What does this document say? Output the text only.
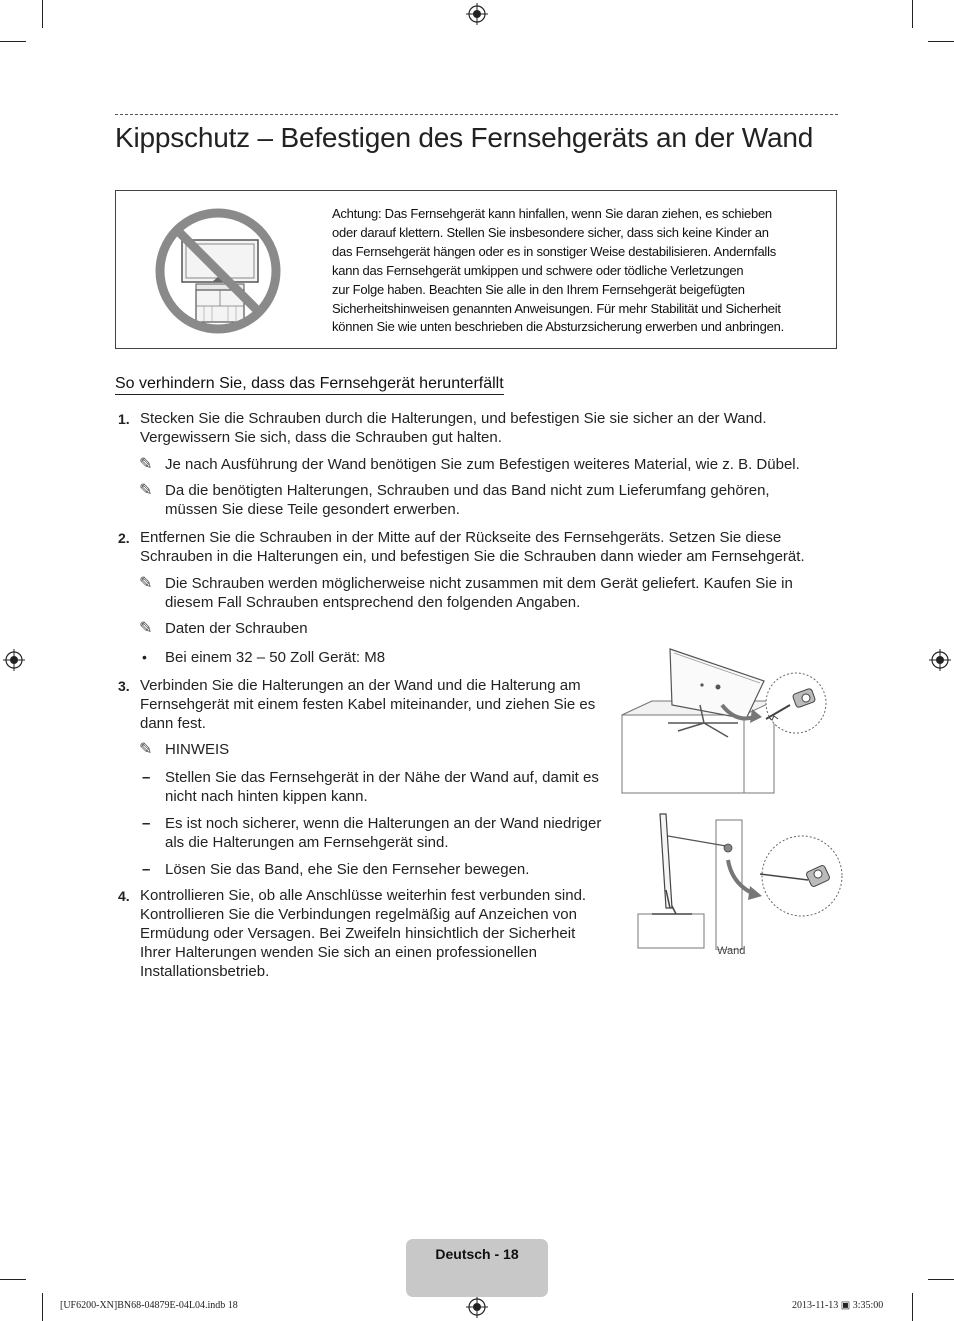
Kippschutz – Befestigen des Fernsehgeräts an der Wand
Achtung: Das Fernsehgerät kann hinfallen, wenn Sie daran ziehen, es schieben
oder darauf klettern. Stellen Sie insbesondere sicher, dass sich keine Kinder an
das Fernsehgerät hängen oder es in sonstiger Weise destabilisieren. Andernfalls
kann das Fernsehgerät umkippen und schwere oder tödliche Verletzungen
zur Folge haben. Beachten Sie alle in den Ihrem Fernsehgerät beigefügten
Sicherheitshinweisen genannten Anweisungen. Für mehr Stabilität und Sicherheit
können Sie wie unten beschrieben die Absturzsicherung erwerben und anbringen.
So verhindern Sie, dass das Fernsehgerät herunterfällt
1. Stecken Sie die Schrauben durch die Halterungen, und befestigen Sie sie sicher an der Wand.
Vergewissern Sie sich, dass die Schrauben gut halten.
✎ Je nach Ausführung der Wand benötigen Sie zum Befestigen weiteres Material, wie z. B. Dübel.
✎ Da die benötigten Halterungen, Schrauben und das Band nicht zum Lieferumfang gehören,
müssen Sie diese Teile gesondert erwerben.
2. Entfernen Sie die Schrauben in der Mitte auf der Rückseite des Fernsehgeräts. Setzen Sie diese
Schrauben in die Halterungen ein, und befestigen Sie die Schrauben dann wieder am Fernsehgerät.
✎ Die Schrauben werden möglicherweise nicht zusammen mit dem Gerät geliefert. Kaufen Sie in
diesem Fall Schrauben entsprechend den folgenden Angaben.
✎ Daten der Schrauben
• Bei einem 32 – 50 Zoll Gerät: M8
3. Verbinden Sie die Halterungen an der Wand und die Halterung am
Fernsehgerät mit einem festen Kabel miteinander, und ziehen Sie es
dann fest.
✎ HINWEIS
– Stellen Sie das Fernsehgerät in der Nähe der Wand auf, damit es
nicht nach hinten kippen kann.
– Es ist noch sicherer, wenn die Halterungen an der Wand niedriger
als die Halterungen am Fernsehgerät sind.
– Lösen Sie das Band, ehe Sie den Fernseher bewegen.
4. Kontrollieren Sie, ob alle Anschlüsse weiterhin fest verbunden sind.
Kontrollieren Sie die Verbindungen regelmäßig auf Anzeichen von
Ermüdung oder Versagen. Bei Zweifeln hinsichtlich der Sicherheit
Ihrer Halterungen wenden Sie sich an einen professionellen
Installationsbetrieb.
Wand
Deutsch - 18
[UF6200-XN]BN68-04879E-04L04.indb 18	2013-11-13 ▣ 3:35:00
